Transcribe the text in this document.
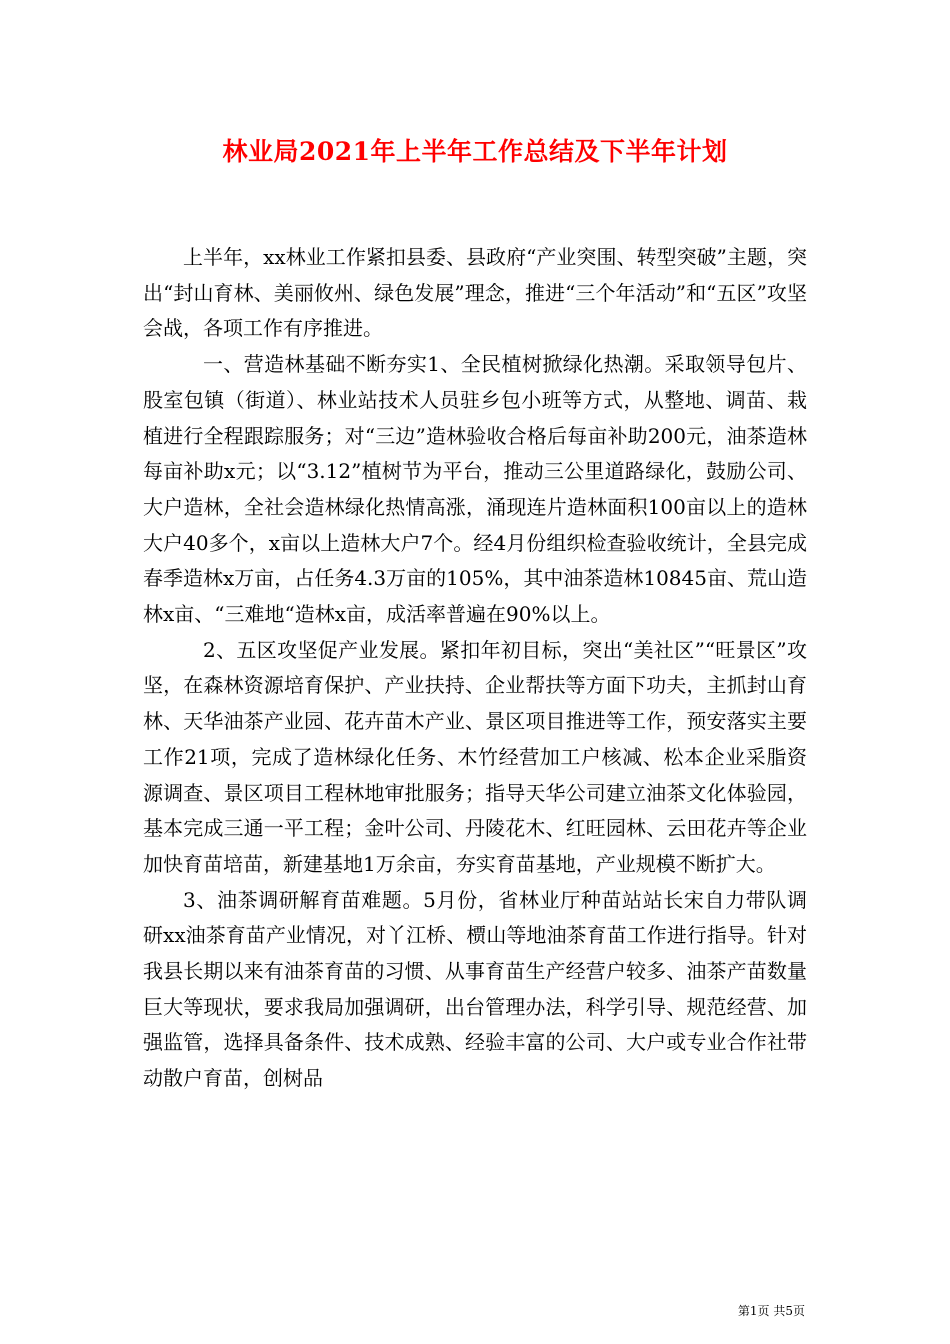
林业局2021年上半年工作总结及下半年计划

上半年，xx林业工作紧扣县委、县政府“产业突围、转型突破”主题，突出“封山育林、美丽攸州、绿色发展”理念，推进“三个年活动”和“五区”攻坚会战，各项工作有序推进。

一、营造林基础不断夯实1、全民植树掀绿化热潮。采取领导包片、股室包镇（街道）、林业站技术人员驻乡包小班等方式，从整地、调苗、栽植进行全程跟踪服务；对“三边”造林验收合格后每亩补助200元，油茶造林每亩补助x元；以“3.12”植树节为平台，推动三公里道路绿化，鼓励公司、大户造林，全社会造林绿化热情高涨，涌现连片造林面积100亩以上的造林大户40多个，x亩以上造林大户7个。经4月份组织检查验收统计，全县完成春季造林x万亩，占任务4.3万亩的105%，其中油茶造林10845亩、荒山造林x亩、“三难地“造林x亩，成活率普遍在90%以上。

2、五区攻坚促产业发展。紧扣年初目标，突出“美社区”“旺景区”攻坚，在森林资源培育保护、产业扶持、企业帮扶等方面下功夫，主抓封山育林、天华油茶产业园、花卉苗木产业、景区项目推进等工作，预安落实主要工作21项，完成了造林绿化任务、木竹经营加工户核减、松本企业采脂资源调查、景区项目工程林地审批服务；指导天华公司建立油茶文化体验园，基本完成三通一平工程；金叶公司、丹陵花木、红旺园林、云田花卉等企业加快育苗培苗，新建基地1万余亩，夯实育苗基地，产业规模不断扩大。

3、油茶调研解育苗难题。5月份，省林业厅种苗站站长宋自力带队调研xx油茶育苗产业情况，对丫江桥、槚山等地油茶育苗工作进行指导。针对我县长期以来有油茶育苗的习惯、从事育苗生产经营户较多、油茶产苗数量巨大等现状，要求我局加强调研，出台管理办法，科学引导、规范经营、加强监管，选择具备条件、技术成熟、经验丰富的公司、大户或专业合作社带动散户育苗，创树品

第1页 共5页
